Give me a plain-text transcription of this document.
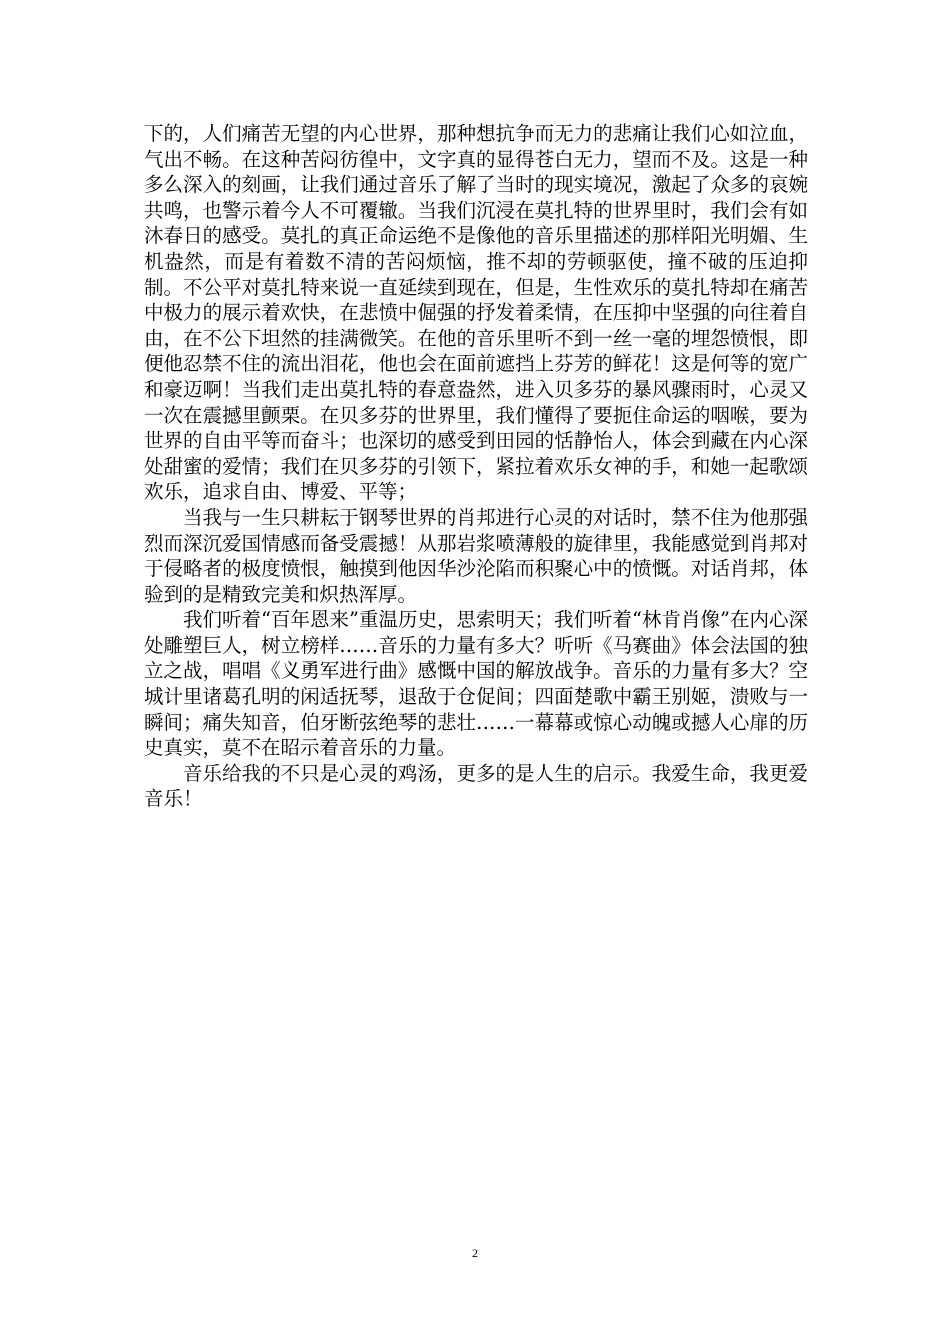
下的，人们痛苦无望的内心世界，那种想抗争而无力的悲痛让我们心如泣血，气出不畅。在这种苦闷彷徨中，文字真的显得苍白无力，望而不及。这是一种多么深入的刻画，让我们通过音乐了解了当时的现实境况，激起了众多的哀婉共鸣，也警示着今人不可覆辙。当我们沉浸在莫扎特的世界里时，我们会有如沐春日的感受。莫扎的真正命运绝不是像他的音乐里描述的那样阳光明媚、生机盎然，而是有着数不清的苦闷烦恼，推不却的劳顿驱使，撞不破的压迫抑制。不公平对莫扎特来说一直延续到现在，但是，生性欢乐的莫扎特却在痛苦中极力的展示着欢快，在悲愤中倔强的抒发着柔情，在压抑中坚强的向往着自由，在不公下坦然的挂满微笑。在他的音乐里听不到一丝一毫的埋怨愤恨，即便他忍禁不住的流出泪花，他也会在面前遮挡上芬芳的鲜花！这是何等的宽广和豪迈啊！当我们走出莫扎特的春意盎然，进入贝多芬的暴风骤雨时，心灵又一次在震撼里颤栗。在贝多芬的世界里，我们懂得了要扼住命运的咽喉，要为世界的自由平等而奋斗；也深切的感受到田园的恬静怡人，体会到藏在内心深处甜蜜的爱情；我们在贝多芬的引领下，紧拉着欢乐女神的手，和她一起歌颂欢乐，追求自由、博爱、平等；

当我与一生只耕耘于钢琴世界的肖邦进行心灵的对话时，禁不住为他那强烈而深沉爱国情感而备受震撼！从那岩浆喷薄般的旋律里，我能感觉到肖邦对于侵略者的极度愤恨，触摸到他因华沙沦陷而积聚心中的愤慨。对话肖邦，体验到的是精致完美和炽热浑厚。

我们听着“百年恩来”重温历史，思索明天；我们听着“林肯肖像”在内心深处雕塑巨人，树立榜样……音乐的力量有多大？听听《马赛曲》体会法国的独立之战，唱唱《义勇军进行曲》感慨中国的解放战争。音乐的力量有多大？空城计里诸葛孔明的闲适抚琴，退敌于仓促间；四面楚歌中霸王别姬，溃败与一瞬间；痛失知音，伯牙断弦绝琴的悲壮……一幕幕或惊心动魄或撼人心扉的历史真实，莫不在昭示着音乐的力量。

音乐给我的不只是心灵的鸡汤，更多的是人生的启示。我爱生命，我更爱音乐！

2
